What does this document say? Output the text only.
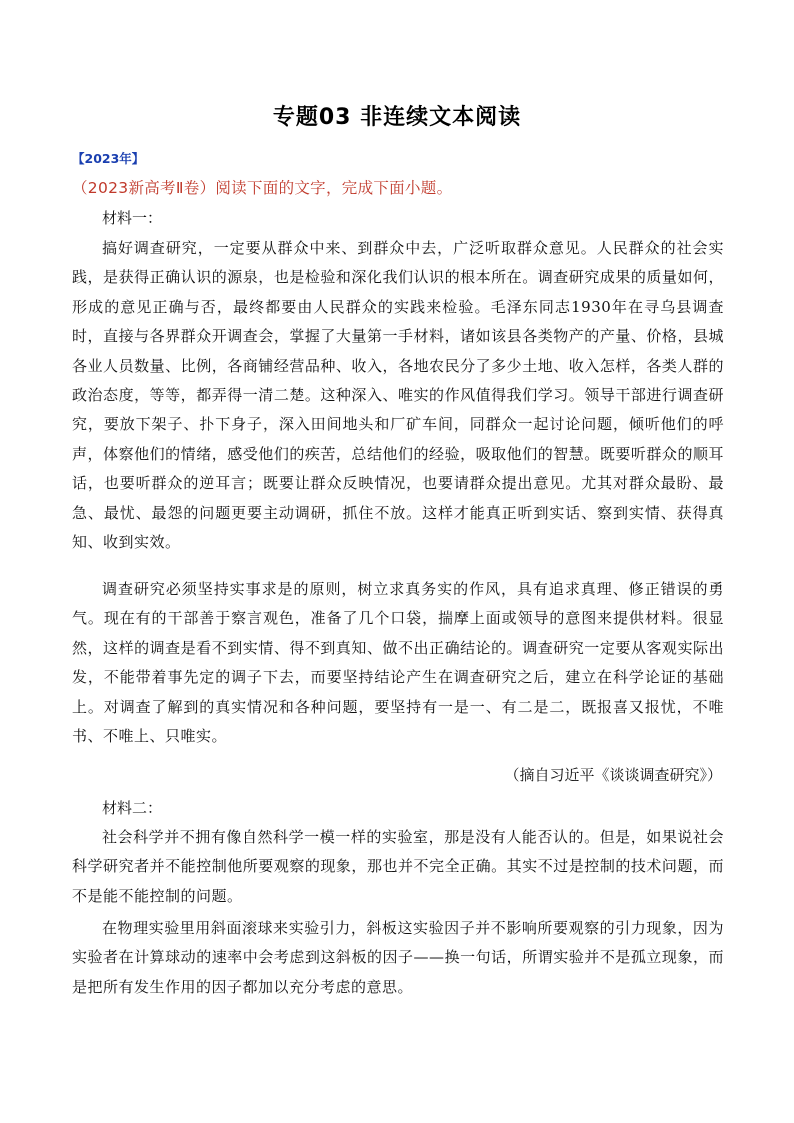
专题03 非连续文本阅读
【2023年】
（2023新高考Ⅱ卷）阅读下面的文字，完成下面小题。
材料一：
搞好调查研究，一定要从群众中来、到群众中去，广泛听取群众意见。人民群众的社会实践，是获得正确认识的源泉，也是检验和深化我们认识的根本所在。调查研究成果的质量如何，形成的意见正确与否，最终都要由人民群众的实践来检验。毛泽东同志1930年在寻乌县调查时，直接与各界群众开调查会，掌握了大量第一手材料，诸如该县各类物产的产量、价格，县城各业人员数量、比例，各商铺经营品种、收入，各地农民分了多少土地、收入怎样，各类人群的政治态度，等等，都弄得一清二楚。这种深入、唯实的作风值得我们学习。领导干部进行调查研究，要放下架子、扑下身子，深入田间地头和厂矿车间，同群众一起讨论问题，倾听他们的呼声，体察他们的情绪，感受他们的疾苦，总结他们的经验，吸取他们的智慧。既要听群众的顺耳话，也要听群众的逆耳言；既要让群众反映情况，也要请群众提出意见。尤其对群众最盼、最急、最忧、最怨的问题更要主动调研，抓住不放。这样才能真正听到实话、察到实情、获得真知、收到实效。
调查研究必须坚持实事求是的原则，树立求真务实的作风，具有追求真理、修正错误的勇气。现在有的干部善于察言观色，准备了几个口袋，揣摩上面或领导的意图来提供材料。很显然，这样的调查是看不到实情、得不到真知、做不出正确结论的。调查研究一定要从客观实际出发，不能带着事先定的调子下去，而要坚持结论产生在调查研究之后，建立在科学论证的基础上。对调查了解到的真实情况和各种问题，要坚持有一是一、有二是二，既报喜又报忧，不唯书、不唯上、只唯实。
（摘自习近平《谈谈调查研究》）
材料二：
社会科学并不拥有像自然科学一模一样的实验室，那是没有人能否认的。但是，如果说社会科学研究者并不能控制他所要观察的现象，那也并不完全正确。其实不过是控制的技术问题，而不是能不能控制的问题。
在物理实验里用斜面滚球来实验引力，斜板这实验因子并不影响所要观察的引力现象，因为实验者在计算球动的速率中会考虑到这斜板的因子——换一句话，所谓实验并不是孤立现象，而是把所有发生作用的因子都加以充分考虑的意思。
